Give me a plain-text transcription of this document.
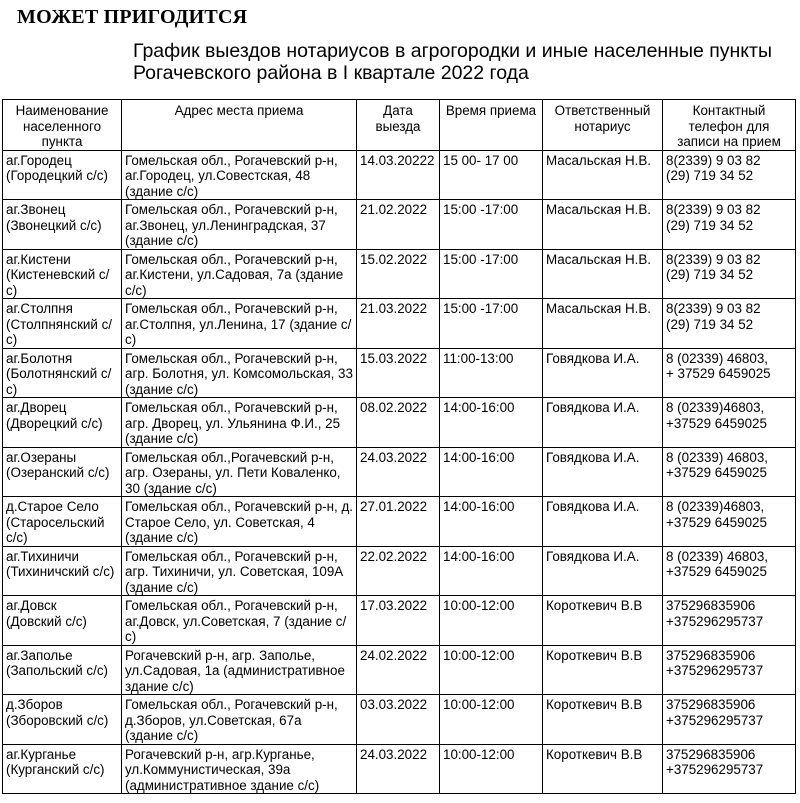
МОЖЕТ ПРИГОДИТСЯ
График выездов нотариусов в агрогородки и иные населенные пункты Рогачевского района в I квартале 2022 года
Наименование населенного пункта	Адрес места приема	Дата выезда	Время приема	Ответственный нотариус	Контактный телефон для записи на прием
аг.Городец
(Городецкий с/с)	Гомельская обл., Рогачевский р-н, аг.Городец, ул.Совестская, 48 (здание с/с)	14.03.20222	15 00- 17 00	Масальская Н.В.	8(2339) 9 03 82
(29) 719 34 52
аг.Звонец
(Звонецкий с/с)	Гомельская обл., Рогачевский р-н, аг.Звонец, ул.Ленинградская, 37 (здание с/с)	21.02.2022	15:00 -17:00	Масальская Н.В.	8(2339) 9 03 82
(29) 719 34 52
аг.Кистени
(Кистеневский с/с)	Гомельская обл., Рогачевский р-н, аг.Кистени, ул.Садовая, 7а (здание с/с)	15.02.2022	15:00 -17:00	Масальская Н.В.	8(2339) 9 03 82
(29) 719 34 52
аг.Столпня
(Столпнянский с/с)	Гомельская обл., Рогачевский р-н, аг.Столпня, ул.Ленина, 17 (здание с/с)	21.03.2022	15:00 -17:00	Масальская Н.В.	8(2339) 9 03 82
(29) 719 34 52
аг.Болотня
(Болотнянский с/с)	Гомельская обл., Рогачевский р-н, агр. Болотня, ул. Комсомольская, 33 (здание с/с)	15.03.2022	11:00-13:00	Говядкова И.А.	8 (02339) 46803,
+ 37529 6459025
аг.Дворец
(Дворецкий с/с)	Гомельская обл., Рогачевский р-н, агр. Дворец, ул. Ульянина Ф.И., 25 (здание с/с)	08.02.2022	14:00-16:00	Говядкова И.А.	8 (02339)46803,
+37529 6459025
аг.Озераны
(Озеранский с/с)	Гомельская обл.,Рогачевский р-н, агр. Озераны, ул. Пети Коваленко, 30 (здание с/с)	24.03.2022	14:00-16:00	Говядкова И.А.	8 (02339) 46803,
+37529 6459025
д.Старое Село
(Старосельский с/с)	Гомельская обл., Рогачевский р-н, д. Старое Село, ул. Советская, 4 (здание с/с)	27.01.2022	14:00-16:00	Говядкова И.А.	8 (02339)46803,
+37529 6459025
аг.Тихиничи
(Тихиничский с/с)	Гомельская обл., Рогачевский р-н, агр. Тихиничи, ул. Советская, 109А (здание с/с)	22.02.2022	14:00-16:00	Говядкова И.А.	8 (02339) 46803,
+37529 6459025
аг.Довск
(Довский с/с)	Гомельская обл., Рогачевский р-н, аг.Довск, ул.Советская, 7 (здание с/с)	17.03.2022	10:00-12:00	Короткевич В.В	375296835906
+375296295737
аг.Заполье
(Запольский с/с)	Рогачевский р-н, агр. Заполье, ул.Садовая, 1а (административное здание с/с)	24.02.2022	10:00-12:00	Короткевич В.В	375296835906
+375296295737
д.Зборов
(Зборовский с/с)	Гомельская обл., Рогачевский р-н, д.Зборов, ул.Советская, 67а (здание с/с)	03.03.2022	10:00-12:00	Короткевич В.В	375296835906
+375296295737
аг.Курганье
(Курганский с/с)	Рогачевский р-н, агр.Курганье, ул.Коммунистическая, 39а (административное здание с/с)	24.03.2022	10:00-12:00	Короткевич В.В	375296835906
+375296295737
